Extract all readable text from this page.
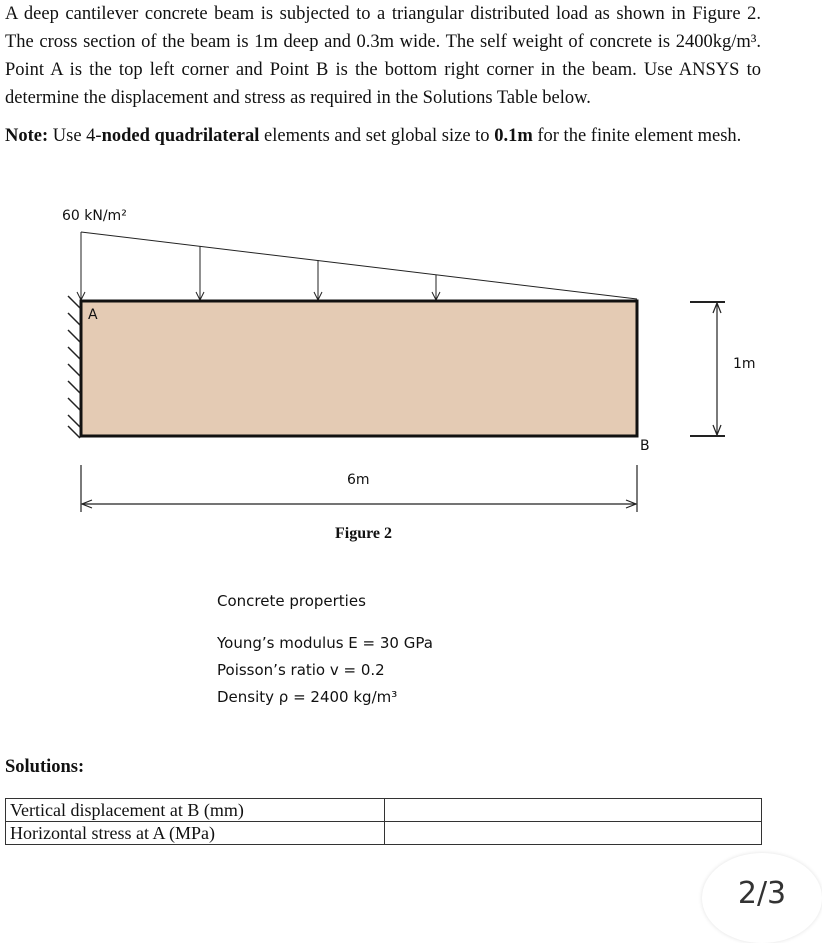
A deep cantilever concrete beam is subjected to a triangular distributed load as shown in Figure 2. The cross section of the beam is 1m deep and 0.3m wide. The self weight of concrete is 2400kg/m³. Point A is the top left corner and Point B is the bottom right corner in the beam. Use ANSYS to determine the displacement and stress as required in the Solutions Table below.
Note: Use 4-noded quadrilateral elements and set global size to 0.1m for the finite element mesh.
60 kN/m²
A
B
1m
6m
Figure 2
Concrete properties
Young’s modulus E = 30 GPa
Poisson’s ratio v = 0.2
Density ρ = 2400 kg/m³
Solutions:
Vertical displacement at B (mm)	
Horizontal stress at A (MPa)	
2/3
